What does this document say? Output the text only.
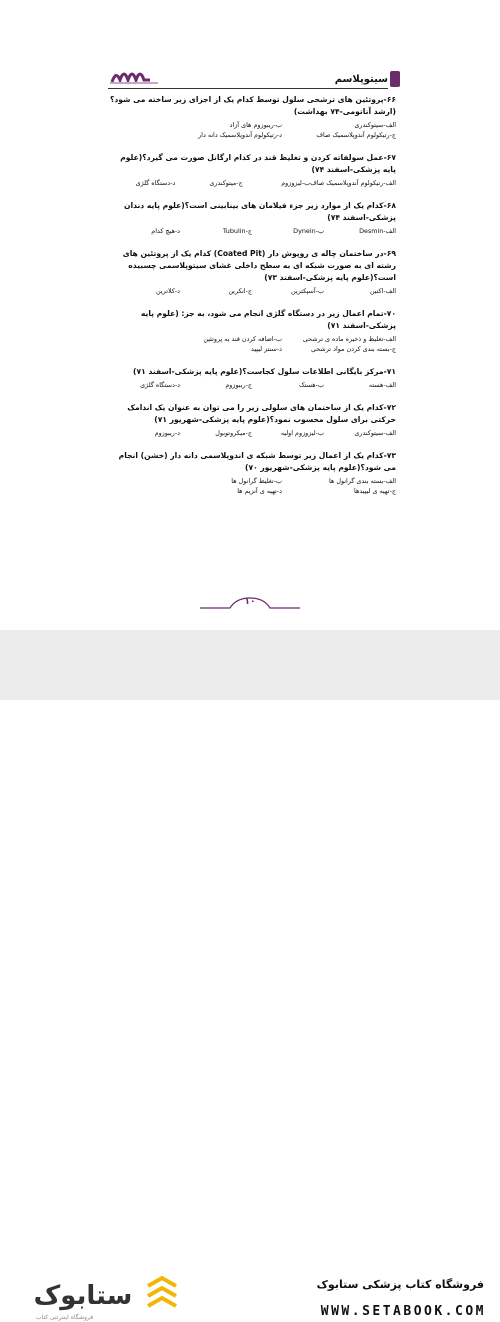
سیتوپلاسم
۶۶-پروتئین های ترشحی سلول توسط کدام یک از اجزای زیر ساخته می شود؟(ارشد آناتومی-۷۴ بهداشت)
الف-سیتوکندری
ب-ریبوزوم های آزاد
ج-رتیکولوم آندوپلاسمیک صاف
د-رتیکولوم آندوپلاسمیک دانه دار
۶۷-عمل سولفاته کردن و تغلیظ قند در کدام ارگانل صورت می گیرد؟(علوم پایه پزشکی-اسفند ۷۴)
الف-رتیکولوم آندوپلاسمیک صاف
ب-لیزوزوم
ج-میتوکندری
د-دستگاه گلژی
۶۸-کدام یک از موارد زیر جزء فیلامان های بینابینی است؟(علوم پایه دندان پزشکی-اسفند ۷۴)
الف-Desmin
ب-Dynein
ج-Tubulin
د-هیچ کدام
۶۹-در ساختمان چاله ی روپوش دار (Coated Pit) کدام یک از پروتئین های رشته ای به صورت شبکه ای به سطح داخلی غشای سیتوپلاسمی چسبیده است؟(علوم پایه پزشکی-اسفند ۷۳)
الف-اکتین
ب-آسپکترین
ج-انکرین
د-کلاترین
۷۰-تمام اعمال زیر در دستگاه گلژی انجام می شود، به جز: (علوم پایه پزشکی-اسفند ۷۱)
الف-تغلیظ و ذخیره ماده ی ترشحی
ب-اضافه کردن قند به پروتئین
ج-بسته بندی کردن مواد ترشحی
د-سنتز لیپید
۷۱-مرکز بایگانی اطلاعات سلول کجاست؟(علوم پایه پزشکی-اسفند ۷۱)
الف-هسته
ب-هستک
ج-ریبوزوم
د-دستگاه گلژی
۷۲-کدام یک از ساختمان های سلولی زیر را می توان به عنوان یک اندامک حرکتی برای سلول محسوب نمود؟(علوم پایه پزشکی-شهریور ۷۱)
الف-سیتوکندری
ب-لیزوزوم اولیه
ج-میکروتوبول
د-ریبوزوم
۷۳-کدام یک از اعمال زیر توسط شبکه ی اندوپلاسمی دانه دار (خشن) انجام می شود؟(علوم پایه پزشکی-شهریور ۷۰)
الف-بسته بندی گرانول ها
ب-تغلیظ گرانول ها
ج-تهیه ی لیپیدها
د-تهیه ی آنزیم ها
۱۰
ستابوک
فروشگاه اینترنتی کتاب
فروشگاه کتاب پزشکی ستابوک
WWW.SETABOOK.COM
